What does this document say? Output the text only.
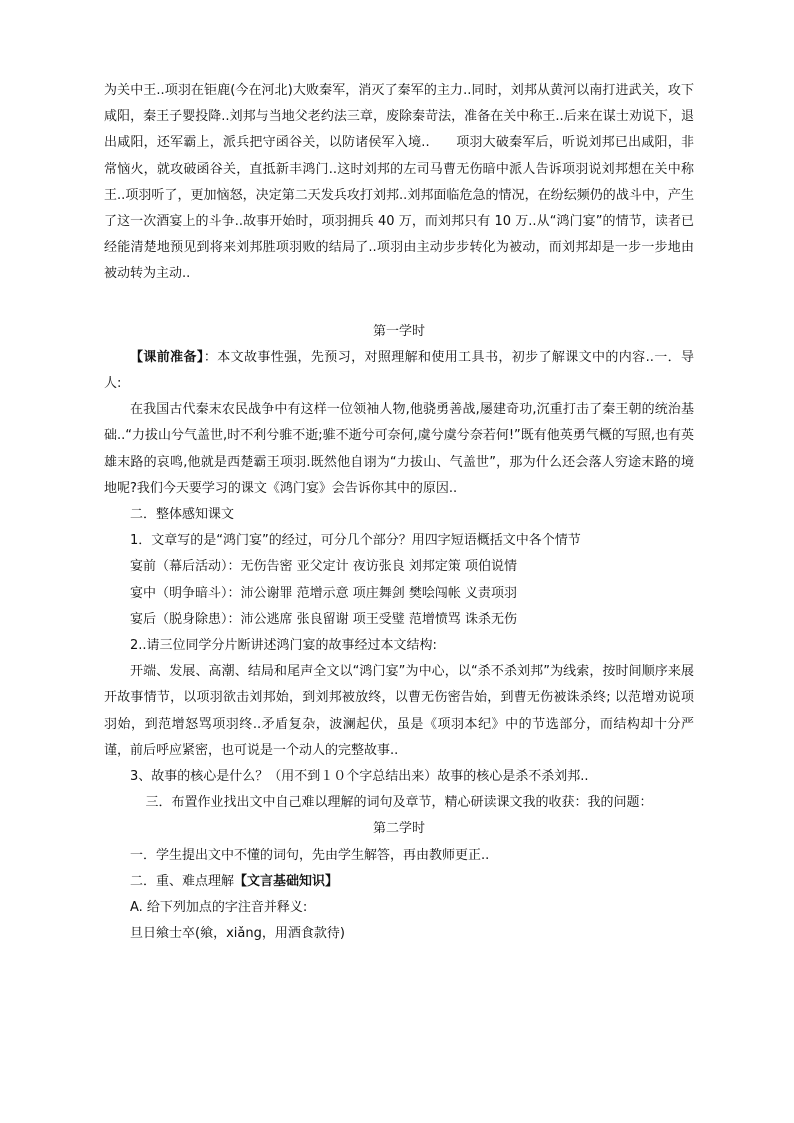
为关中王..项羽在钜鹿(今在河北)大败秦军，消灭了秦军的主力..同时，刘邦从黄河以南打进武关，攻下咸阳，秦王子婴投降..刘邦与当地父老约法三章，废除秦苛法，准备在关中称王..后来在谋士劝说下，退出咸阳，还军霸上，派兵把守函谷关，以防诸侯军入境..　　项羽大破秦军后，听说刘邦已出咸阳，非常恼火，就攻破函谷关，直抵新丰鸿门..这时刘邦的左司马曹无伤暗中派人告诉项羽说刘邦想在关中称王..项羽听了，更加恼怒，决定第二天发兵攻打刘邦..刘邦面临危急的情况，在纷纭频仍的战斗中，产生了这一次酒宴上的斗争..故事开始时，项羽拥兵 40 万，而刘邦只有 10 万..从“鸿门宴”的情节，读者已经能清楚地预见到将来刘邦胜项羽败的结局了..项羽由主动步步转化为被动，而刘邦却是一步一步地由被动转为主动..

第一学时

【课前准备】：本文故事性强，先预习，对照理解和使用工具书，初步了解课文中的内容..一．导人:

在我国古代秦末农民战争中有这样一位领袖人物,他骁勇善战,屡建奇功,沉重打击了秦王朝的统治基础..“力拔山兮气盖世,时不利兮骓不逝;骓不逝兮可奈何,虞兮虞兮奈若何!”既有他英勇气概的写照,也有英雄末路的哀鸣,他就是西楚霸王项羽.既然他自诩为“力拔山、气盖世”，那为什么还会落人穷途末路的境地呢?我们今天要学习的课文《鸿门宴》会告诉你其中的原因..

二．整体感知课文

1．文章写的是“鸿门宴”的经过，可分几个部分？用四字短语概括文中各个情节

宴前（幕后活动）：无伤告密 亚父定计 夜访张良 刘邦定策 项伯说情

宴中（明争暗斗）：沛公谢罪 范增示意 项庄舞剑 樊哙闯帐 义责项羽

宴后（脱身除患）：沛公逃席 张良留谢 项王受璧 范增愤骂 诛杀无伤

2..请三位同学分片断讲述鸿门宴的故事经过本文结构:

开端、发展、高潮、结局和尾声全文以“鸿门宴”为中心，以“杀不杀刘邦”为线索，按时间顺序来展开故事情节，以项羽欲击刘邦始，到刘邦被放终，以曹无伤密告始，到曹无伤被诛杀终; 以范增劝说项羽始，到范增怒骂项羽终..矛盾复杂，波澜起伏，虽是《项羽本纪》中的节选部分，而结构却十分严谨，前后呼应紧密，也可说是一个动人的完整故事..

3、故事的核心是什么？（用不到１０个字总结出来）故事的核心是杀不杀刘邦..

三．布置作业找出文中自己难以理解的词句及章节，精心研读课文我的收获：我的问题：

第二学时

一．学生提出文中不懂的词句，先由学生解答，再由教师更正..

二．重、难点理解【文言基础知识】

A. 给下列加点的字注音并释义:

旦日飨士卒(飨，xiǎng，用酒食款待)
